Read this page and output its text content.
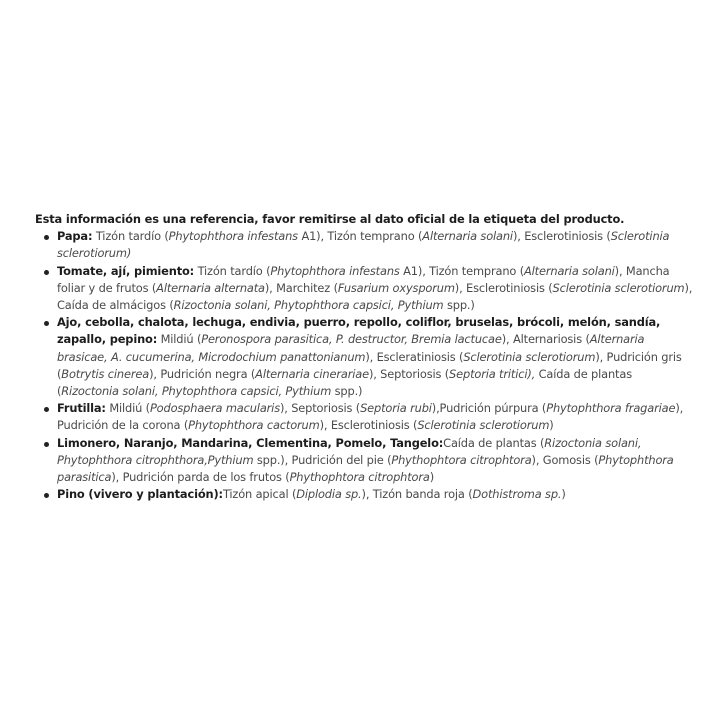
Esta información es una referencia, favor remitirse al dato oficial de la etiqueta del producto.

Papa: Tizón tardío (Phytophthora infestans A1), Tizón temprano (Alternaria solani), Esclerotiniosis (Sclerotinia sclerotiorum)
Tomate, ají, pimiento: Tizón tardío (Phytophthora infestans A1), Tizón temprano (Alternaria solani), Mancha foliar y de frutos (Alternaria alternata), Marchitez (Fusarium oxysporum), Esclerotiniosis (Sclerotinia sclerotiorum), Caída de almácigos (Rizoctonia solani, Phytophthora capsici, Pythium spp.)
Ajo, cebolla, chalota, lechuga, endivia, puerro, repollo, coliflor, bruselas, brócoli, melón, sandía, zapallo, pepino: Mildiú (Peronospora parasitica, P. destructor, Bremia lactucae), Alternariosis (Alternaria brasicae, A. cucumerina, Microdochium panattonianum), Escleratiniosis (Sclerotinia sclerotiorum), Pudrición gris (Botrytis cinerea), Pudrición negra (Alternaria cinerariae), Septoriosis (Septoria tritici), Caída de plantas (Rizoctonia solani, Phytophthora capsici, Pythium spp.)
Frutilla: Mildiú (Podosphaera macularis), Septoriosis (Septoria rubi),Pudrición púrpura (Phytophthora fragariae), Pudrición de la corona (Phytophthora cactorum), Esclerotiniosis (Sclerotinia sclerotiorum)
Limonero, Naranjo, Mandarina, Clementina, Pomelo, Tangelo:Caída de plantas (Rizoctonia solani, Phytophthora citrophthora,Pythium spp.), Pudrición del pie (Phythophtora citrophtora), Gomosis (Phytophthora parasitica), Pudrición parda de los frutos (Phythophtora citrophtora)
Pino (vivero y plantación):Tizón apical (Diplodia sp.), Tizón banda roja (Dothistroma sp.)
